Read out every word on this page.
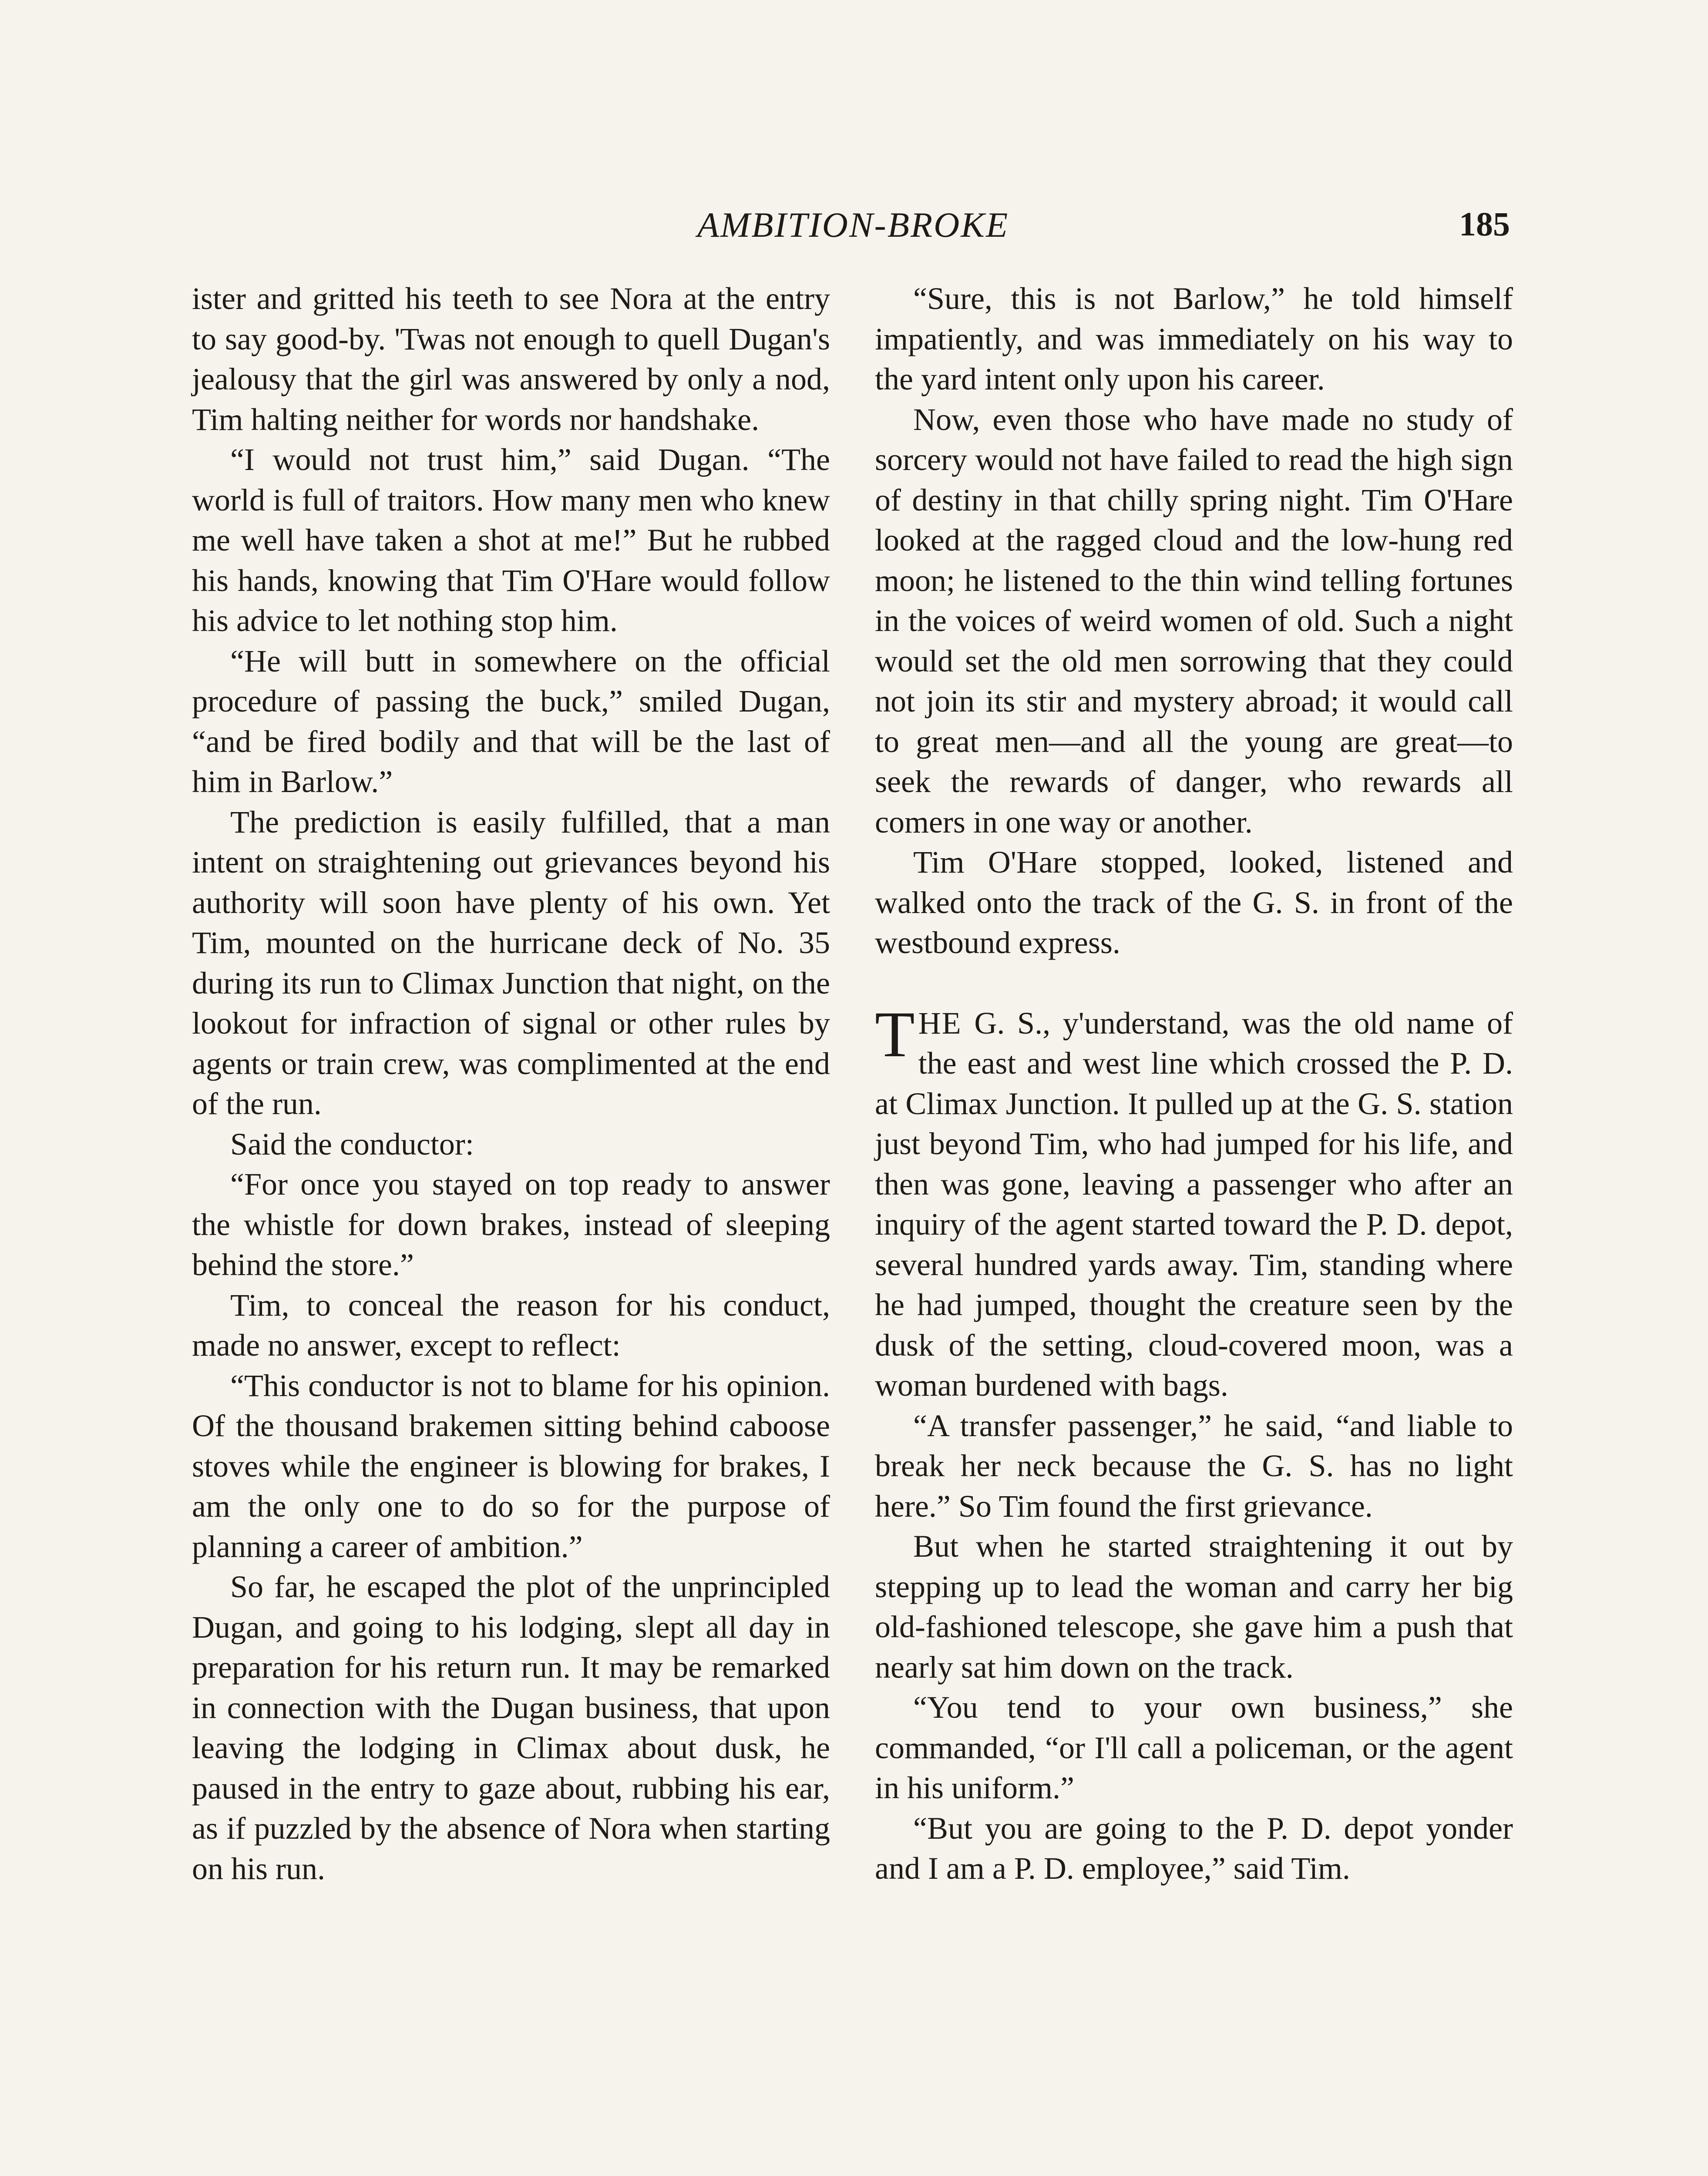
AMBITION-BROKE	185

ister and gritted his teeth to see Nora at the entry to say good-by. 'Twas not enough to quell Dugan's jealousy that the girl was answered by only a nod, Tim halting neither for words nor handshake.

“I would not trust him,” said Dugan. “The world is full of traitors. How many men who knew me well have taken a shot at me!” But he rubbed his hands, knowing that Tim O'Hare would follow his advice to let nothing stop him.

“He will butt in somewhere on the official procedure of passing the buck,” smiled Dugan, “and be fired bodily and that will be the last of him in Barlow.”

The prediction is easily fulfilled, that a man intent on straightening out grievances beyond his authority will soon have plenty of his own. Yet Tim, mounted on the hurricane deck of No. 35 during its run to Climax Junction that night, on the lookout for infraction of signal or other rules by agents or train crew, was complimented at the end of the run.

Said the conductor:

“For once you stayed on top ready to answer the whistle for down brakes, instead of sleeping behind the store.”

Tim, to conceal the reason for his conduct, made no answer, except to reflect:

“This conductor is not to blame for his opinion. Of the thousand brakemen sitting behind caboose stoves while the engineer is blowing for brakes, I am the only one to do so for the purpose of planning a career of ambition.”

So far, he escaped the plot of the unprincipled Dugan, and going to his lodging, slept all day in preparation for his return run. It may be remarked in connection with the Dugan business, that upon leaving the lodging in Climax about dusk, he paused in the entry to gaze about, rubbing his ear, as if puzzled by the absence of Nora when starting on his run.

“Sure, this is not Barlow,” he told himself impatiently, and was immediately on his way to the yard intent only upon his career.

Now, even those who have made no study of sorcery would not have failed to read the high sign of destiny in that chilly spring night. Tim O'Hare looked at the ragged cloud and the low-hung red moon; he listened to the thin wind telling fortunes in the voices of weird women of old. Such a night would set the old men sorrowing that they could not join its stir and mystery abroad; it would call to great men—and all the young are great—to seek the rewards of danger, who rewards all comers in one way or another.

Tim O'Hare stopped, looked, listened and walked onto the track of the G. S. in front of the westbound express.

THE G. S., y'understand, was the old name of the east and west line which crossed the P. D. at Climax Junction. It pulled up at the G. S. station just beyond Tim, who had jumped for his life, and then was gone, leaving a passenger who after an inquiry of the agent started toward the P. D. depot, several hundred yards away. Tim, standing where he had jumped, thought the creature seen by the dusk of the setting, cloud-covered moon, was a woman burdened with bags.

“A transfer passenger,” he said, “and liable to break her neck because the G. S. has no light here.” So Tim found the first grievance.

But when he started straightening it out by stepping up to lead the woman and carry her big old-fashioned telescope, she gave him a push that nearly sat him down on the track.

“You tend to your own business,” she commanded, “or I'll call a policeman, or the agent in his uniform.”

“But you are going to the P. D. depot yonder and I am a P. D. employee,” said Tim.
